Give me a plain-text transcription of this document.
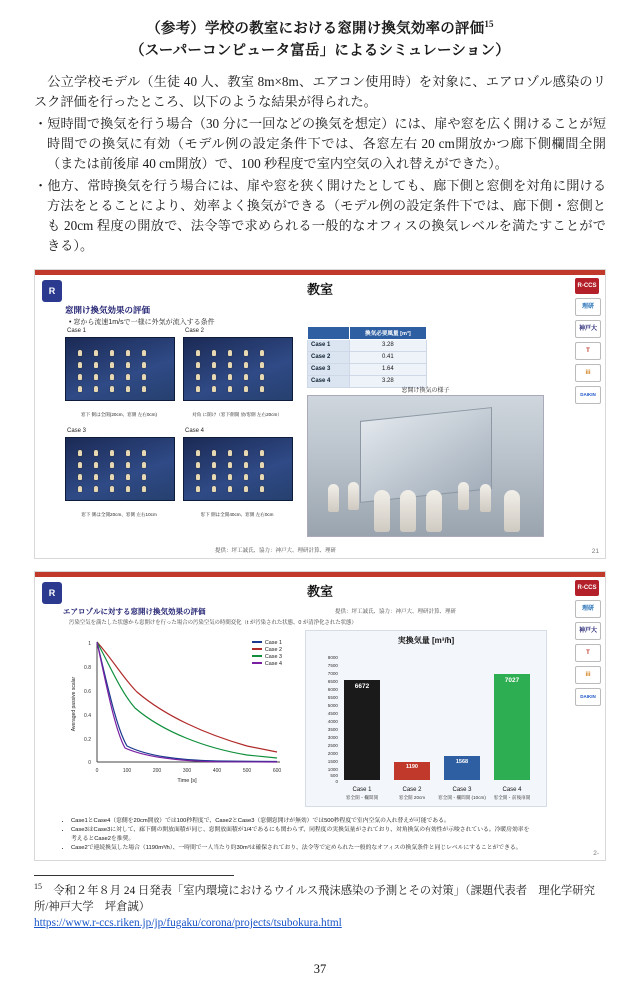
（参考）学校の教室における窓開け換気効率の評価$^{15}$
（スーパーコンピュータ富岳」によるシミュレーション）
公立学校モデル（生徒 40 人、教室 8m×8m、エアコン使用時）を対象に、エアロゾル感染のリスク評価を行ったところ、以下のような結果が得られた。
・短時間で換気を行う場合（30 分に一回などの換気を想定）には、扉や窓を広く開けることが短時間での換気に有効（モデル例の設定条件下では、各窓左右 20 cm開放かつ廊下側欄間全開（または前後扉 40 cm開放）で、100 秒程度で室内空気の入れ替えができた）。
・他方、常時換気を行う場合には、扉や窓を狭く開けたとしても、廊下側と窓側を対角に開ける方法をとることにより、効率よく換気ができる（モデル例の設定条件下では、廊下側・窓側とも 20cm 程度の開放で、法令等で求められる一般的なオフィスの換気レベルを満たすことができる）。
R	教室
窓開け換気効果の評価
• 窓から流速1m/sで一様に外気が流入する条件
R-CCS
理研
神戸大
T
iii
DAIKIN
Case 1
窓下 側は全開(20cm、窓側 左右0cm)
Case 2
対角 に開け（窓下側開 放/窓側 左右20cm）
Case 3
窓下 側は全開20cm、窓側 左右10cm
Case 4
窓下 側は全開40cm、窓側 左右0cm
	換気必要風量 [m³]
Case 1	3.28
Case 2	0.41
Case 3	1.64
Case 4	3.28
窓開け換気の様子
提供：坪工誠氏、協力：神戸大、理研計算、理研	21
R	教室
エアロゾルに対する窓開け換気効果の評価
汚染空気を満たした状態から窓開けを行った場合の汚染空気の時間変化（t が汚染された状態、0 が清浄化された状態）
R-CCS
理研
神戸大
T
iii
DAIKIN
Case 1
Case 2
Case 3
Case 4
1
0.8
0.6
0.4
0.2
0
0	100	200	300	400	500	600
Time [s]
Averaged passive scalar
実換気量 [m³/h]
8000
7500
7000
6500
6000
5500
5000
4500
4000
3500
3000
2500
2000
1500
1000
500
0
6672
Case 1
窓全開・欄間開
1190
Case 2
窓全開 20cm
1568
Case 3
窓全開・欄間開 (10cm)
7027
Case 4
窓全開・前後扉開
• Case1とCase4（窓側を20cm開放）では100秒程度で、Case2とCase3（窓側窓開けが無効）では500秒程度で室内空気の入れ替えが可能である。
• Case3はCase3に対して、廊下側の開放面積が同じ、窓開放面積が1/4であるにも関わらず、同程度の実換気量がされており、対角換気の有効性が示唆されている。冷暖房効率を考えるとCase2を推奨。
• Case2で連続換気した場合（1190m³/h）、一時間で一人当たり約30m³は確保されており、法令等で定められた一般的なオフィスの換気条件と同じレベルにすることができる。
提供：坪工誠氏、協力：神戸大、理研計算、理研
2-
$^{15}$　 令和２年８月 24 日発表「室内環境におけるウイルス飛沫感染の予測とその対策」（課題代表者　理化学研究所/神戸大学　坪倉誠）
https://www.r-ccs.riken.jp/jp/fugaku/corona/projects/tsubokura.html
37
